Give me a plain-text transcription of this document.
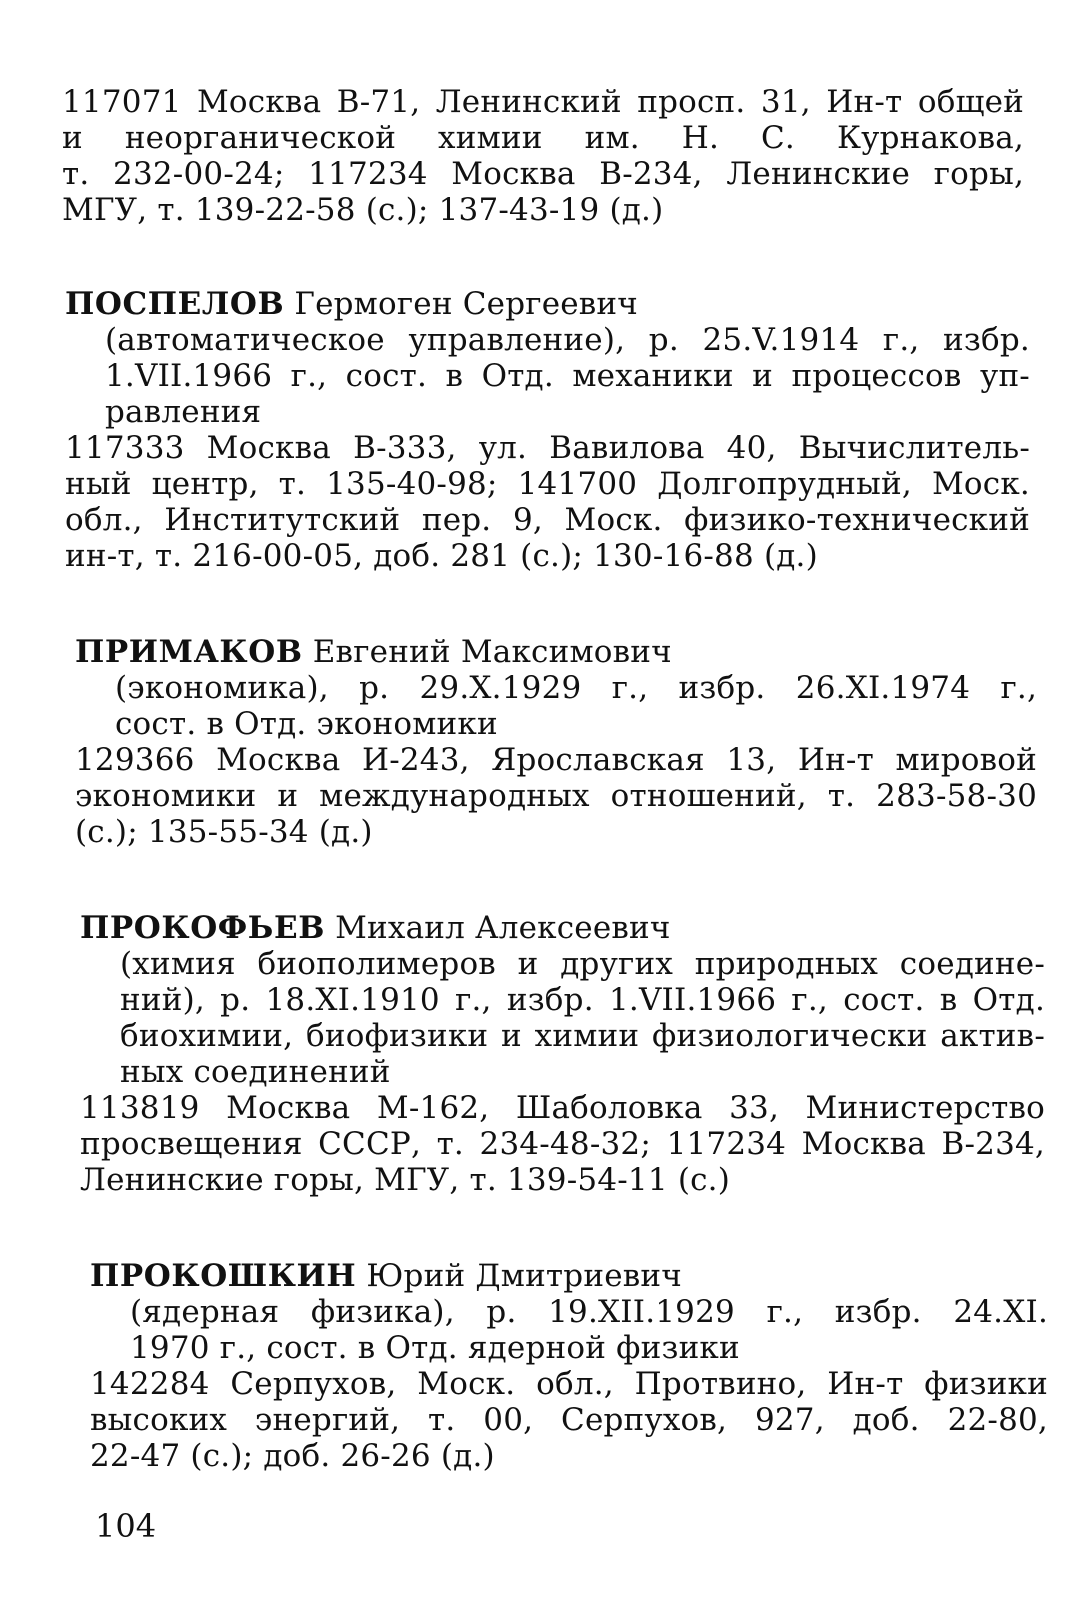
117071 Москва В-71, Ленинский просп. 31, Ин-т общей
и неорганической химии им. Н. С. Курнакова,
т. 232-00-24; 117234 Москва В-234, Ленинские горы,
МГУ, т. 139-22-58 (с.); 137-43-19 (д.)
ПОСПЕЛОВ Гермоген Сергеевич
(автоматическое управление), р. 25.V.1914 г., избр.
1.VII.1966 г., сост. в Отд. механики и процессов уп-
равления
117333 Москва В-333, ул. Вавилова 40, Вычислитель-
ный центр, т. 135-40-98; 141700 Долгопрудный, Моск.
обл., Институтский пер. 9, Моск. физико-технический
ин-т, т. 216-00-05, доб. 281 (с.); 130-16-88 (д.)
ПРИМАКОВ Евгений Максимович
(экономика), р. 29.X.1929 г., избр. 26.XI.1974 г.,
сост. в Отд. экономики
129366 Москва И-243, Ярославская 13, Ин-т мировой
экономики и международных отношений, т. 283-58-30
(с.); 135-55-34 (д.)
ПРОКОФЬЕВ Михаил Алексеевич
(химия биополимеров и других природных соедине-
ний), р. 18.XI.1910 г., избр. 1.VII.1966 г., сост. в Отд.
биохимии, биофизики и химии физиологически актив-
ных соединений
113819 Москва М-162, Шаболовка 33, Министерство
просвещения СССР, т. 234-48-32; 117234 Москва В-234,
Ленинские горы, МГУ, т. 139-54-11 (с.)
ПРОКОШКИН Юрий Дмитриевич
(ядерная физика), р. 19.XII.1929 г., избр. 24.XI.
1970 г., сост. в Отд. ядерной физики
142284 Серпухов, Моск. обл., Протвино, Ин-т физики
высоких энергий, т. 00, Серпухов, 927, доб. 22-80,
22-47 (с.); доб. 26-26 (д.)
104
